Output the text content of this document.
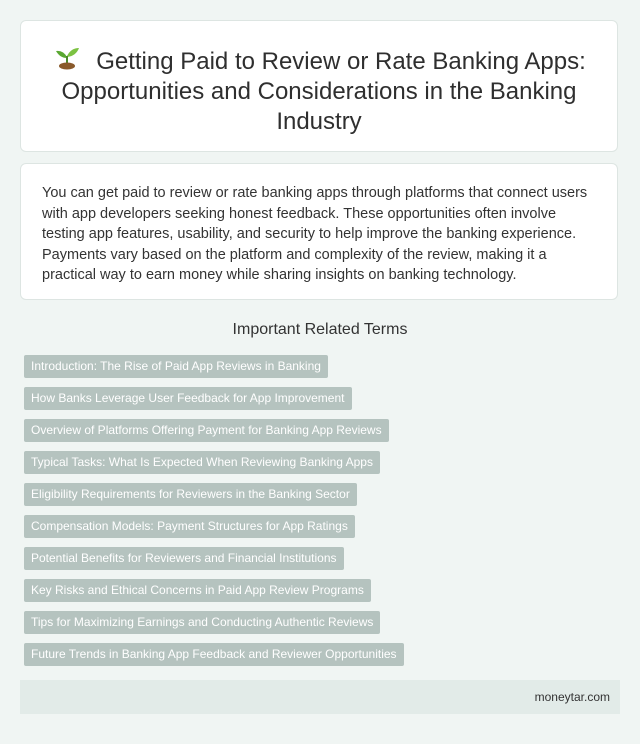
Getting Paid to Review or Rate Banking Apps: Opportunities and Considerations in the Banking Industry

You can get paid to review or rate banking apps through platforms that connect users with app developers seeking honest feedback. These opportunities often involve testing app features, usability, and security to help improve the banking experience. Payments vary based on the platform and complexity of the review, making it a practical way to earn money while sharing insights on banking technology.

Important Related Terms
Introduction: The Rise of Paid App Reviews in Banking
How Banks Leverage User Feedback for App Improvement
Overview of Platforms Offering Payment for Banking App Reviews
Typical Tasks: What Is Expected When Reviewing Banking Apps
Eligibility Requirements for Reviewers in the Banking Sector
Compensation Models: Payment Structures for App Ratings
Potential Benefits for Reviewers and Financial Institutions
Key Risks and Ethical Concerns in Paid App Review Programs
Tips for Maximizing Earnings and Conducting Authentic Reviews
Future Trends in Banking App Feedback and Reviewer Opportunities
moneytar.com
